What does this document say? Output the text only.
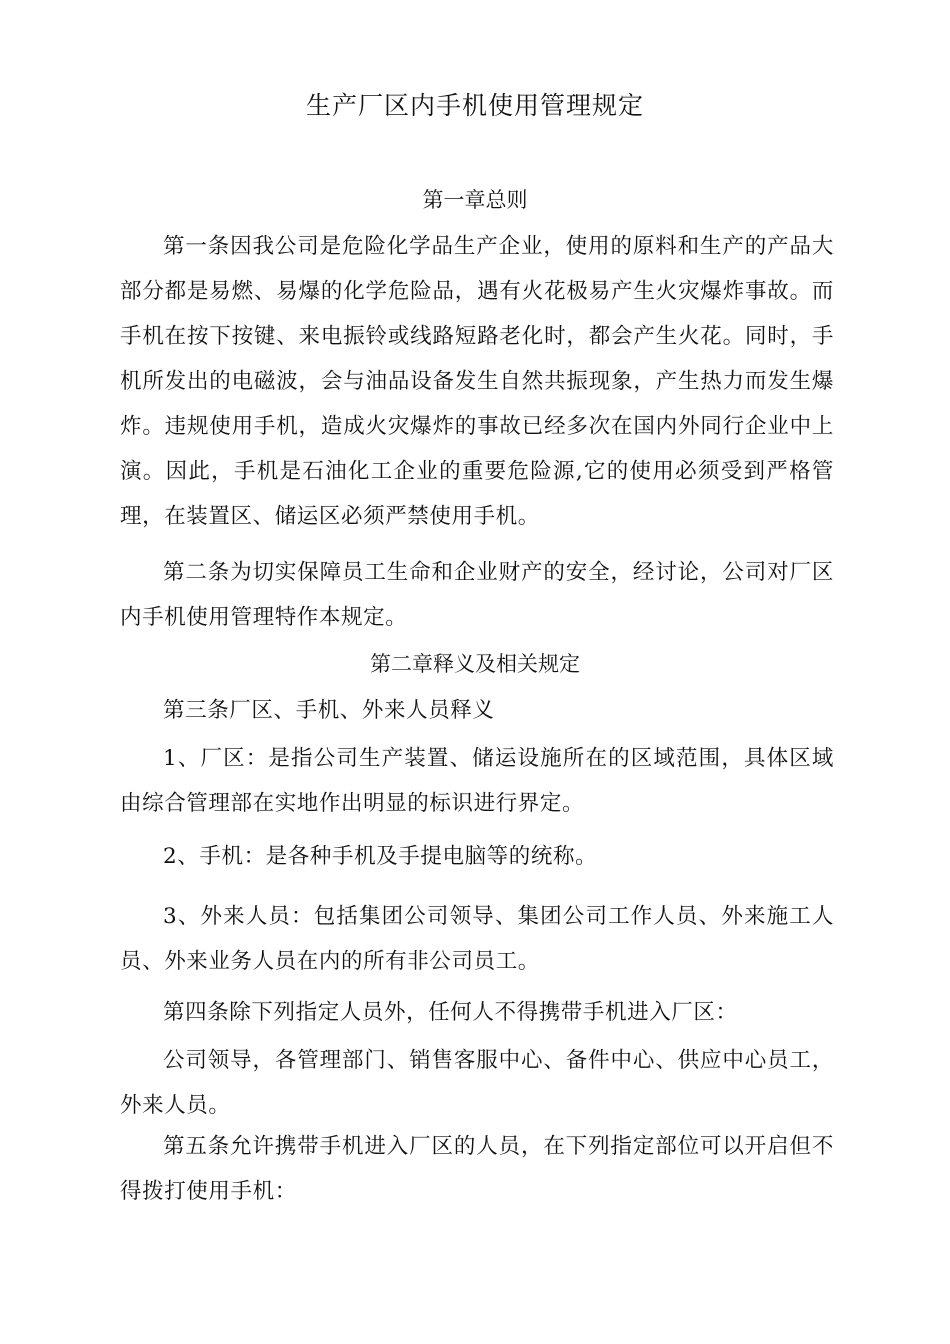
生产厂区内手机使用管理规定
第一章总则

第一条因我公司是危险化学品生产企业，使用的原料和生产的产品大部分都是易燃、易爆的化学危险品，遇有火花极易产生火灾爆炸事故。而手机在按下按键、来电振铃或线路短路老化时，都会产生火花。同时，手机所发出的电磁波，会与油品设备发生自然共振现象，产生热力而发生爆炸。违规使用手机，造成火灾爆炸的事故已经多次在国内外同行企业中上演。因此，手机是石油化工企业的重要危险源,它的使用必须受到严格管理，在装置区、储运区必须严禁使用手机。

第二条为切实保障员工生命和企业财产的安全，经讨论，公司对厂区内手机使用管理特作本规定。

第二章释义及相关规定

第三条厂区、手机、外来人员释义

1、厂区：是指公司生产装置、储运设施所在的区域范围，具体区域由综合管理部在实地作出明显的标识进行界定。

2、手机：是各种手机及手提电脑等的统称。

3、外来人员：包括集团公司领导、集团公司工作人员、外来施工人员、外来业务人员在内的所有非公司员工。

第四条除下列指定人员外，任何人不得携带手机进入厂区：

公司领导，各管理部门、销售客服中心、备件中心、供应中心员工，外来人员。

第五条允许携带手机进入厂区的人员，在下列指定部位可以开启但不得拨打使用手机：
